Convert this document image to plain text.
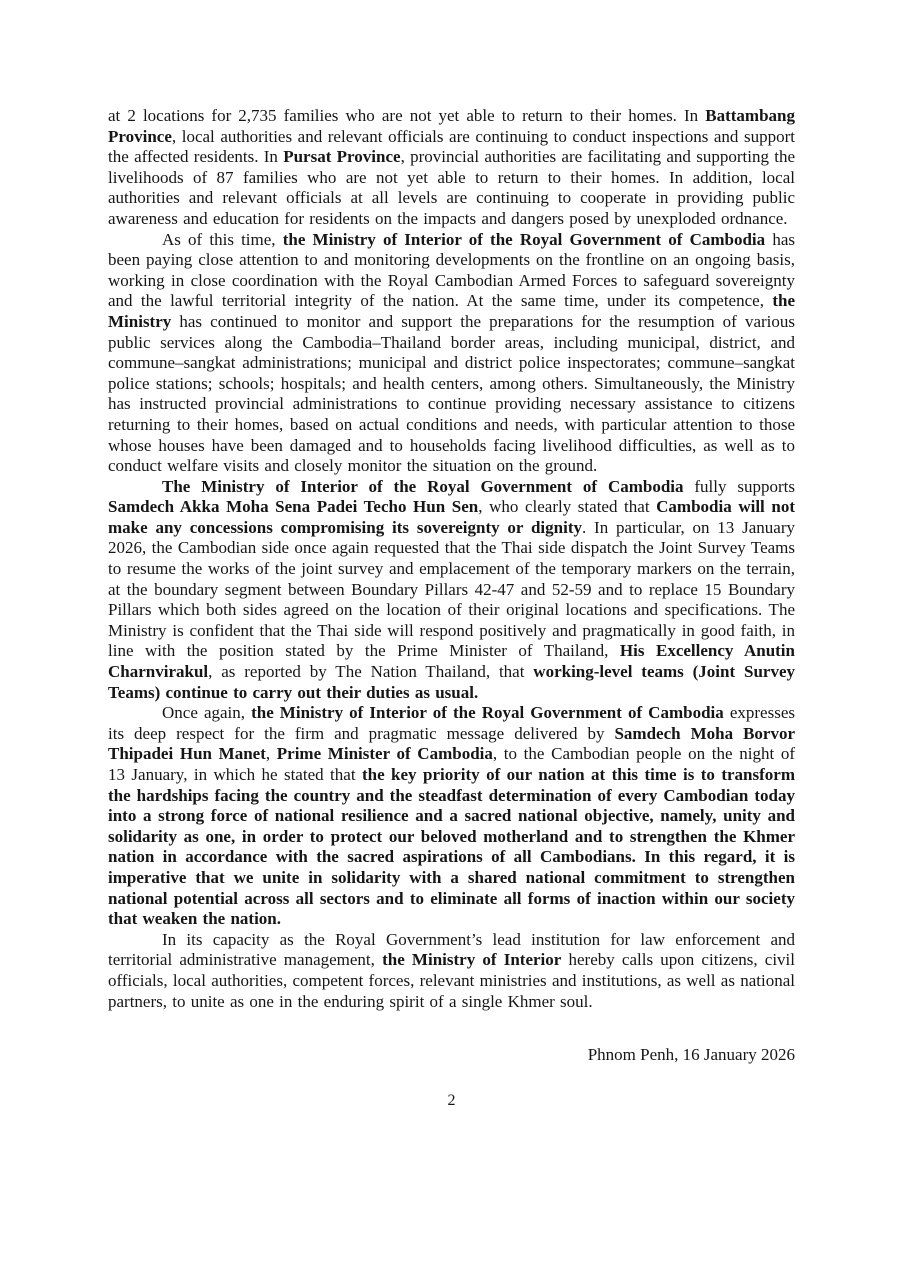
at 2 locations for 2,735 families who are not yet able to return to their homes. In Battambang Province, local authorities and relevant officials are continuing to conduct inspections and support the affected residents. In Pursat Province, provincial authorities are facilitating and supporting the livelihoods of 87 families who are not yet able to return to their homes. In addition, local authorities and relevant officials at all levels are continuing to cooperate in providing public awareness and education for residents on the impacts and dangers posed by unexploded ordnance.

As of this time, the Ministry of Interior of the Royal Government of Cambodia has been paying close attention to and monitoring developments on the frontline on an ongoing basis, working in close coordination with the Royal Cambodian Armed Forces to safeguard sovereignty and the lawful territorial integrity of the nation. At the same time, under its competence, the Ministry has continued to monitor and support the preparations for the resumption of various public services along the Cambodia–Thailand border areas, including municipal, district, and commune–sangkat administrations; municipal and district police inspectorates; commune–sangkat police stations; schools; hospitals; and health centers, among others. Simultaneously, the Ministry has instructed provincial administrations to continue providing necessary assistance to citizens returning to their homes, based on actual conditions and needs, with particular attention to those whose houses have been damaged and to households facing livelihood difficulties, as well as to conduct welfare visits and closely monitor the situation on the ground.

The Ministry of Interior of the Royal Government of Cambodia fully supports Samdech Akka Moha Sena Padei Techo Hun Sen, who clearly stated that Cambodia will not make any concessions compromising its sovereignty or dignity. In particular, on 13 January 2026, the Cambodian side once again requested that the Thai side dispatch the Joint Survey Teams to resume the works of the joint survey and emplacement of the temporary markers on the terrain, at the boundary segment between Boundary Pillars 42-47 and 52-59 and to replace 15 Boundary Pillars which both sides agreed on the location of their original locations and specifications. The Ministry is confident that the Thai side will respond positively and pragmatically in good faith, in line with the position stated by the Prime Minister of Thailand, His Excellency Anutin Charnvirakul, as reported by The Nation Thailand, that working-level teams (Joint Survey Teams) continue to carry out their duties as usual.

Once again, the Ministry of Interior of the Royal Government of Cambodia expresses its deep respect for the firm and pragmatic message delivered by Samdech Moha Borvor Thipadei Hun Manet, Prime Minister of Cambodia, to the Cambodian people on the night of 13 January, in which he stated that the key priority of our nation at this time is to transform the hardships facing the country and the steadfast determination of every Cambodian today into a strong force of national resilience and a sacred national objective, namely, unity and solidarity as one, in order to protect our beloved motherland and to strengthen the Khmer nation in accordance with the sacred aspirations of all Cambodians. In this regard, it is imperative that we unite in solidarity with a shared national commitment to strengthen national potential across all sectors and to eliminate all forms of inaction within our society that weaken the nation.

In its capacity as the Royal Government’s lead institution for law enforcement and territorial administrative management, the Ministry of Interior hereby calls upon citizens, civil officials, local authorities, competent forces, relevant ministries and institutions, as well as national partners, to unite as one in the enduring spirit of a single Khmer soul.

Phnom Penh, 16 January 2026
2
